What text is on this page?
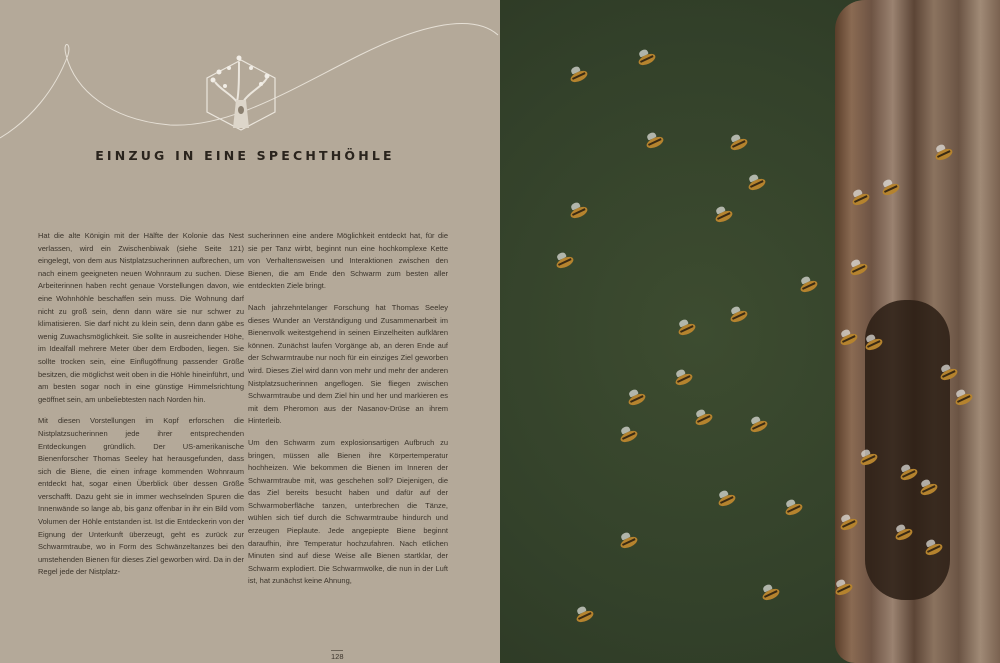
EINZUG IN EINE SPECHTHÖHLE

Hat die alte Königin mit der Hälfte der Kolonie das Nest verlassen, wird ein Zwischenbiwak (siehe Seite 121) eingelegt, von dem aus Nistplatzsucherinnen aufbrechen, um nach einem geeigneten neuen Wohnraum zu suchen. Diese Arbeiterinnen haben recht genaue Vorstellungen davon, wie eine Wohnhöhle beschaffen sein muss. Die Wohnung darf nicht zu groß sein, denn dann wäre sie nur schwer zu klimatisieren. Sie darf nicht zu klein sein, denn dann gäbe es wenig Zuwachsmöglichkeit. Sie sollte in ausreichender Höhe, im Idealfall mehrere Meter über dem Erdboden, liegen. Sie sollte trocken sein, eine Einflugöffnung passender Größe besitzen, die möglichst weit oben in die Höhle hineinführt, und am besten sogar noch in eine günstige Himmelsrichtung geöffnet sein, am unbeliebtesten nach Norden hin.

Mit diesen Vorstellungen im Kopf erforschen die Nistplatzsucherinnen jede ihrer entsprechenden Entdeckungen gründlich. Der US-amerikanische Bienenforscher Thomas Seeley hat herausgefunden, dass sich die Biene, die einen infrage kommenden Wohnraum entdeckt hat, sogar einen Überblick über dessen Größe verschafft. Dazu geht sie in immer wechselnden Spuren die Innenwände so lange ab, bis ganz offenbar in ihr ein Bild vom Volumen der Höhle entstanden ist. Ist die Entdeckerin von der Eignung der Unterkunft überzeugt, geht es zurück zur Schwarmtraube, wo in Form des Schwänzeltanzes bei den umstehenden Bienen für dieses Ziel geworben wird. Da in der Regel jede der Nistplatz-

sucherinnen eine andere Möglichkeit entdeckt hat, für die sie per Tanz wirbt, beginnt nun eine hochkomplexe Kette von Verhaltensweisen und Interaktionen zwischen den Bienen, die am Ende den Schwarm zum besten aller entdeckten Ziele bringt.

Nach jahrzehntelanger Forschung hat Thomas Seeley dieses Wunder an Verständigung und Zusammenarbeit im Bienenvolk weitestgehend in seinen Einzelheiten aufklären können. Zunächst laufen Vorgänge ab, an deren Ende auf der Schwarmtraube nur noch für ein einziges Ziel geworben wird. Dieses Ziel wird dann von mehr und mehr der anderen Nistplatzsucherinnen angeflogen. Sie fliegen zwischen Schwarmtraube und dem Ziel hin und her und markieren es mit dem Pheromon aus der Nasanov-Drüse an ihrem Hinterleib.

Um den Schwarm zum explosionsartigen Aufbruch zu bringen, müssen alle Bienen ihre Körpertemperatur hochheizen. Wie bekommen die Bienen im Inneren der Schwarmtraube mit, was geschehen soll? Diejenigen, die das Ziel bereits besucht haben und dafür auf der Schwarmoberfläche tanzen, unterbrechen die Tänze, wühlen sich tief durch die Schwarmtraube hindurch und erzeugen Pieplaute. Jede angepiepte Biene beginnt daraufhin, ihre Temperatur hochzufahren. Nach etlichen Minuten sind auf diese Weise alle Bienen startklar, der Schwarm explodiert. Die Schwarmwolke, die nun in der Luft ist, hat zunächst keine Ahnung,

128
